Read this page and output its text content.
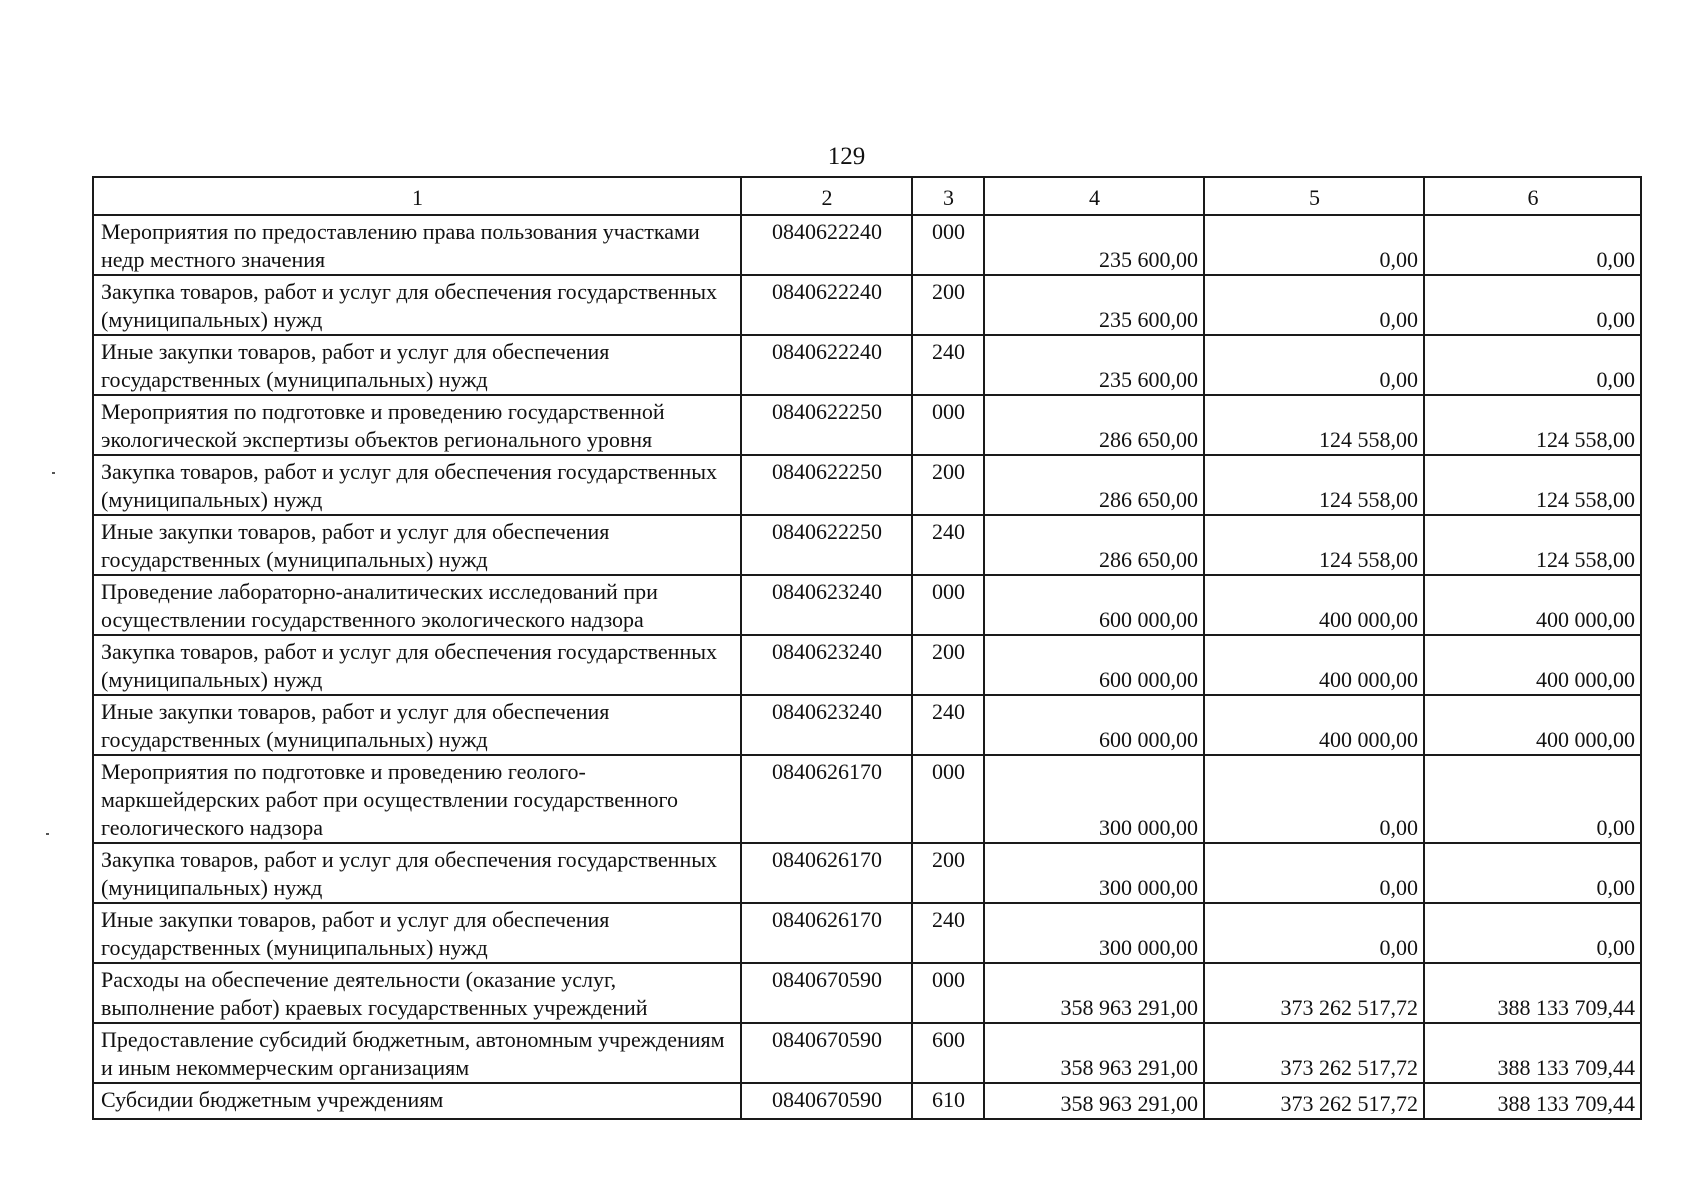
129
1	2	3	4	5	6
Мероприятия по предоставлению права пользования участками недр местного значения	0840622240	000	235 600,00	0,00	0,00
Закупка товаров, работ и услуг для обеспечения государственных (муниципальных) нужд	0840622240	200	235 600,00	0,00	0,00
Иные закупки товаров, работ и услуг для обеспечения государственных (муниципальных) нужд	0840622240	240	235 600,00	0,00	0,00
Мероприятия по подготовке и проведению государственной экологической экспертизы объектов регионального уровня	0840622250	000	286 650,00	124 558,00	124 558,00
Закупка товаров, работ и услуг для обеспечения государственных (муниципальных) нужд	0840622250	200	286 650,00	124 558,00	124 558,00
Иные закупки товаров, работ и услуг для обеспечения государственных (муниципальных) нужд	0840622250	240	286 650,00	124 558,00	124 558,00
Проведение лабораторно-аналитических исследований при осуществлении государственного экологического надзора	0840623240	000	600 000,00	400 000,00	400 000,00
Закупка товаров, работ и услуг для обеспечения государственных (муниципальных) нужд	0840623240	200	600 000,00	400 000,00	400 000,00
Иные закупки товаров, работ и услуг для обеспечения государственных (муниципальных) нужд	0840623240	240	600 000,00	400 000,00	400 000,00
Мероприятия по подготовке и проведению геолого-маркшейдерских работ при осуществлении государственного геологического надзора	0840626170	000	300 000,00	0,00	0,00
Закупка товаров, работ и услуг для обеспечения государственных (муниципальных) нужд	0840626170	200	300 000,00	0,00	0,00
Иные закупки товаров, работ и услуг для обеспечения государственных (муниципальных) нужд	0840626170	240	300 000,00	0,00	0,00
Расходы на обеспечение деятельности (оказание услуг, выполнение работ) краевых государственных учреждений	0840670590	000	358 963 291,00	373 262 517,72	388 133 709,44
Предоставление субсидий бюджетным, автономным учреждениям и иным некоммерческим организациям	0840670590	600	358 963 291,00	373 262 517,72	388 133 709,44
Субсидии бюджетным учреждениям	0840670590	610	358 963 291,00	373 262 517,72	388 133 709,44
